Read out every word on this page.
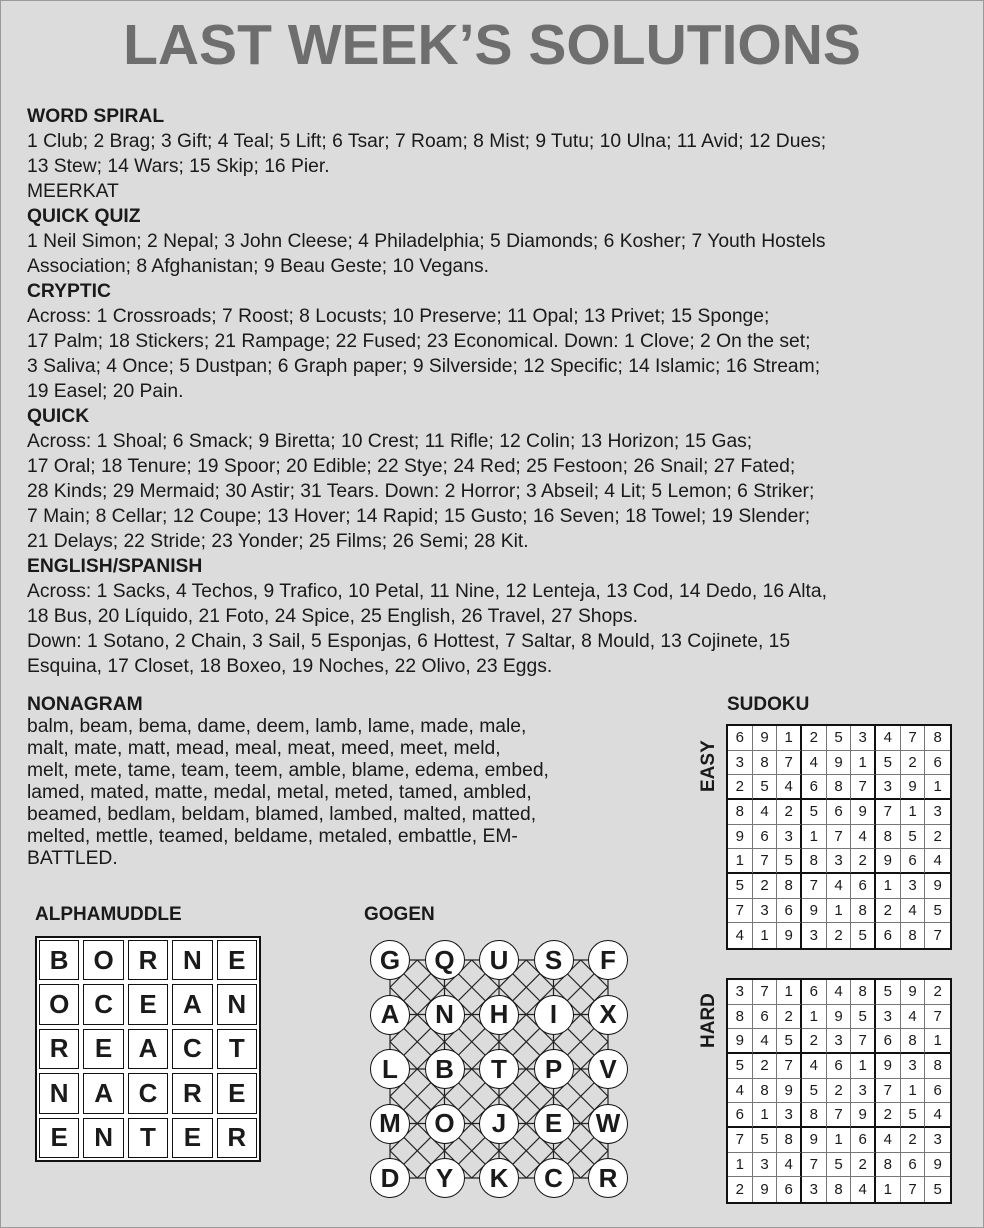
LAST WEEK’S SOLUTIONS
WORD SPIRAL
1 Club; 2 Brag; 3 Gift; 4 Teal; 5 Lift; 6 Tsar; 7 Roam; 8 Mist; 9 Tutu; 10 Ulna; 11 Avid; 12 Dues;
13 Stew; 14 Wars; 15 Skip; 16 Pier.
MEERKAT
QUICK QUIZ
1 Neil Simon; 2 Nepal; 3 John Cleese; 4 Philadelphia; 5 Diamonds; 6 Kosher; 7 Youth Hostels
Association; 8 Afghanistan; 9 Beau Geste; 10 Vegans.
CRYPTIC
Across: 1 Crossroads; 7 Roost; 8 Locusts; 10 Preserve; 11 Opal; 13 Privet; 15 Sponge;
17 Palm; 18 Stickers; 21 Rampage; 22 Fused; 23 Economical. Down: 1 Clove; 2 On the set;
3 Saliva; 4 Once; 5 Dustpan; 6 Graph paper; 9 Silverside; 12 Specific; 14 Islamic; 16 Stream;
19 Easel; 20 Pain.
QUICK
Across: 1 Shoal; 6 Smack; 9 Biretta; 10 Crest; 11 Rifle; 12 Colin; 13 Horizon; 15 Gas;
17 Oral; 18 Tenure; 19 Spoor; 20 Edible; 22 Stye; 24 Red; 25 Festoon; 26 Snail; 27 Fated;
28 Kinds; 29 Mermaid; 30 Astir; 31 Tears. Down: 2 Horror; 3 Abseil; 4 Lit; 5 Lemon; 6 Striker;
7 Main; 8 Cellar; 12 Coupe; 13 Hover; 14 Rapid; 15 Gusto; 16 Seven; 18 Towel; 19 Slender;
21 Delays; 22 Stride; 23 Yonder; 25 Films; 26 Semi; 28 Kit.
ENGLISH/SPANISH
Across: 1 Sacks, 4 Techos, 9 Trafico, 10 Petal, 11 Nine, 12 Lenteja, 13 Cod, 14 Dedo, 16 Alta,
18 Bus, 20 Líquido, 21 Foto, 24 Spice, 25 English, 26 Travel, 27 Shops.
Down: 1 Sotano, 2 Chain, 3 Sail, 5 Esponjas, 6 Hottest, 7 Saltar, 8 Mould, 13 Cojinete, 15
Esquina, 17 Closet, 18 Boxeo, 19 Noches, 22 Olivo, 23 Eggs.
NONAGRAM
balm, beam, bema, dame, deem, lamb, lame, made, male,
malt, mate, matt, mead, meal, meat, meed, meet, meld,
melt, mete, tame, team, teem, amble, blame, edema, embed,
lamed, mated, matte, medal, metal, meted, tamed, ambled,
beamed, bedlam, beldam, blamed, lambed, malted, matted,
melted, mettle, teamed, beldame, metaled, embattle, EM-
BATTLED.
ALPHAMUDDLE
B O R N	E
O C	E	A N
R	E	A C	T
N A C R	E
E	N	T	E	R
GOGEN
G	Q	U	S	F
A	N	H	I	X
L	B	T	P	V
M	O	J	E	W
D	Y	K	C	R
SUDOKU
EASY
6	9	1	2	5	3	4	7	8
3	8	7	4	9	1	5	2	6
2	5	4	6	8	7	3	9	1
8	4	2	5	6	9	7	1	3
9	6	3	1	7	4	8	5	2
1	7	5	8	3	2	9	6	4
5	2	8	7	4	6	1	3	9
7	3	6	9	1	8	2	4	5
4	1	9	3	2	5	6	8	7
HARD
3	7	1	6	4	8	5	9	2
8	6	2	1	9	5	3	4	7
9	4	5	2	3	7	6	8	1
5	2	7	4	6	1	9	3	8
4	8	9	5	2	3	7	1	6
6	1	3	8	7	9	2	5	4
7	5	8	9	1	6	4	2	3
1	3	4	7	5	2	8	6	9
2	9	6	3	8	4	1	7	5
